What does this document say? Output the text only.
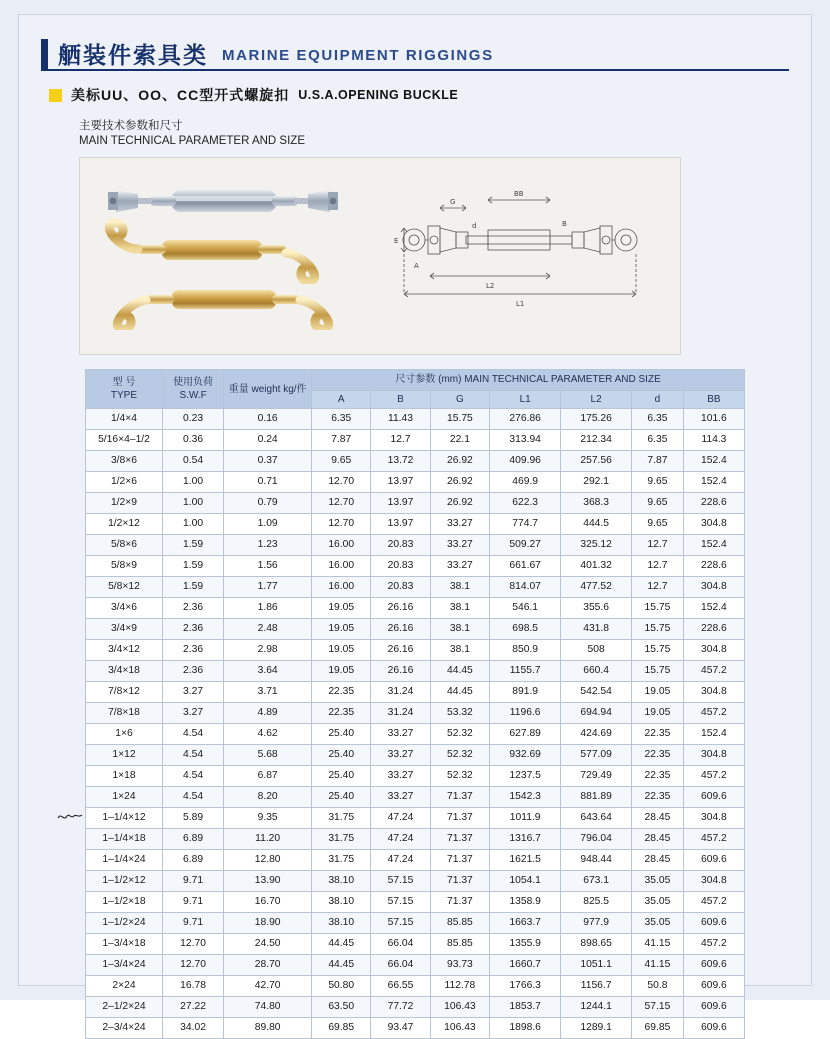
舾装件索具类 MARINE EQUIPMENT RIGGINGS
美标UU、OO、CC型开式螺旋扣 U.S.A.OPENING BUCKLE
主要技术参数和尺寸
MAIN TECHNICAL PARAMETER AND SIZE
G
BB
E
d
L2
L1
A
B
型 号
TYPE

使用负荷
S.W.F

重量 weight kg/件
	尺寸参数 (mm) MAIN TECHNICAL PARAMETER AND SIZE
			A	B	G	L1	L2	d	BB
1/4×4	0.23	0.16	6.35	11.43	15.75	276.86	175.26	6.35	101.6
5/16×4–1/2	0.36	0.24	7.87	12.7	22.1	313.94	212.34	6.35	114.3
3/8×6	0.54	0.37	9.65	13.72	26.92	409.96	257.56	7.87	152.4
1/2×6	1.00	0.71	12.70	13.97	26.92	469.9	292.1	9.65	152.4
1/2×9	1.00	0.79	12.70	13.97	26.92	622.3	368.3	9.65	228.6
1/2×12	1.00	1.09	12.70	13.97	33.27	774.7	444.5	9.65	304.8
5/8×6	1.59	1.23	16.00	20.83	33.27	509.27	325.12	12.7	152.4
5/8×9	1.59	1.56	16.00	20.83	33.27	661.67	401.32	12.7	228.6
5/8×12	1.59	1.77	16.00	20.83	38.1	814.07	477.52	12.7	304.8
3/4×6	2.36	1.86	19.05	26.16	38.1	546.1	355.6	15.75	152.4
3/4×9	2.36	2.48	19.05	26.16	38.1	698.5	431.8	15.75	228.6
3/4×12	2.36	2.98	19.05	26.16	38.1	850.9	508	15.75	304.8
3/4×18	2.36	3.64	19.05	26.16	44.45	1155.7	660.4	15.75	457.2
7/8×12	3.27	3.71	22.35	31.24	44.45	891.9	542.54	19.05	304.8
7/8×18	3.27	4.89	22.35	31.24	53.32	1196.6	694.94	19.05	457.2
1×6	4.54	4.62	25.40	33.27	52.32	627.89	424.69	22.35	152.4
1×12	4.54	5.68	25.40	33.27	52.32	932.69	577.09	22.35	304.8
1×18	4.54	6.87	25.40	33.27	52.32	1237.5	729.49	22.35	457.2
1×24	4.54	8.20	25.40	33.27	71.37	1542.3	881.89	22.35	609.6
1–1/4×12	5.89	9.35	31.75	47.24	71.37	1011.9	643.64	28.45	304.8
1–1/4×18	6.89	11.20	31.75	47.24	71.37	1316.7	796.04	28.45	457.2
1–1/4×24	6.89	12.80	31.75	47.24	71.37	1621.5	948.44	28.45	609.6
1–1/2×12	9.71	13.90	38.10	57.15	71.37	1054.1	673.1	35.05	304.8
1–1/2×18	9.71	16.70	38.10	57.15	71.37	1358.9	825.5	35.05	457.2
1–1/2×24	9.71	18.90	38.10	57.15	85.85	1663.7	977.9	35.05	609.6
1–3/4×18	12.70	24.50	44.45	66.04	85.85	1355.9	898.65	41.15	457.2
1–3/4×24	12.70	28.70	44.45	66.04	93.73	1660.7	1051.1	41.15	609.6
2×24	16.78	42.70	50.80	66.55	112.78	1766.3	1156.7	50.8	609.6
2–1/2×24	27.22	74.80	63.50	77.72	106.43	1853.7	1244.1	57.15	609.6
2–3/4×24	34.02	89.80	69.85	93.47	106.43	1898.6	1289.1	69.85	609.6
